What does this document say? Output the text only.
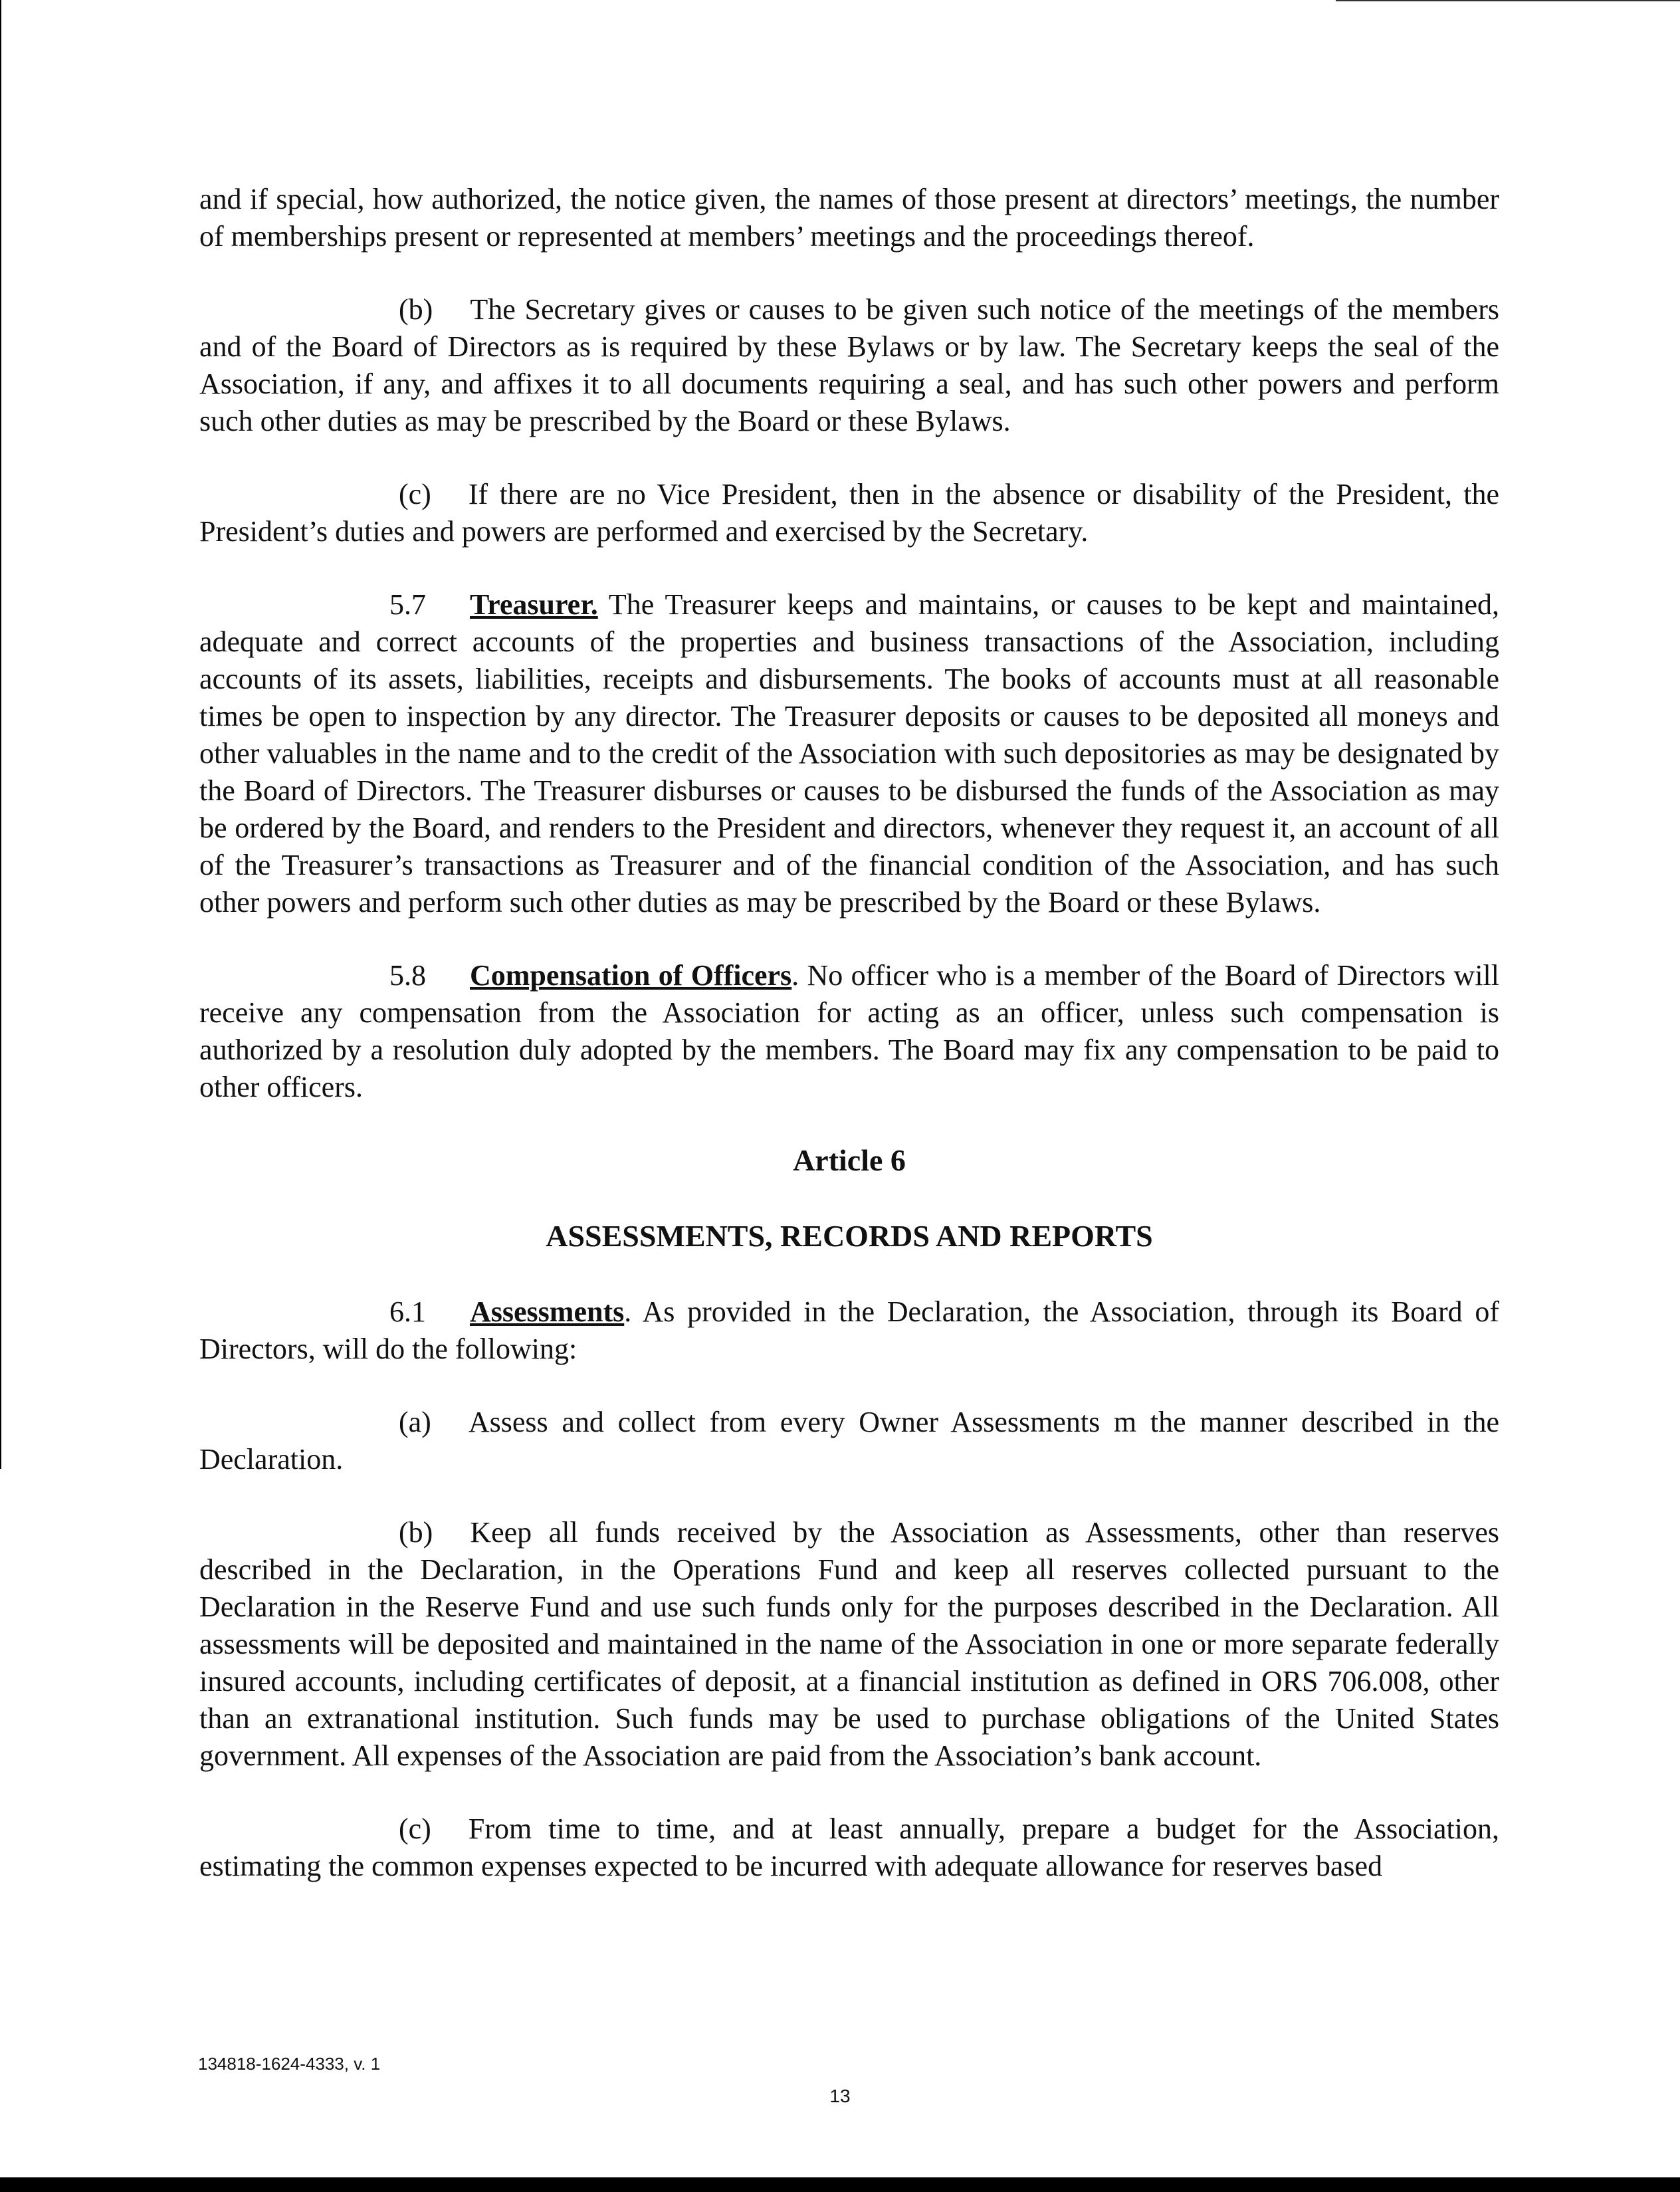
and if special, how authorized, the notice given, the names of those present at directors’ meetings, the number of memberships present or represented at members’ meetings and the proceedings thereof.

(b) The Secretary gives or causes to be given such notice of the meetings of the members and of the Board of Directors as is required by these Bylaws or by law. The Secretary keeps the seal of the Association, if any, and affixes it to all documents requiring a seal, and has such other powers and perform such other duties as may be prescribed by the Board or these Bylaws.

(c) If there are no Vice President, then in the absence or disability of the President, the President’s duties and powers are performed and exercised by the Secretary.

5.7 Treasurer. The Treasurer keeps and maintains, or causes to be kept and maintained, adequate and correct accounts of the properties and business transactions of the Association, including accounts of its assets, liabilities, receipts and disbursements. The books of accounts must at all reasonable times be open to inspection by any director. The Treasurer deposits or causes to be deposited all moneys and other valuables in the name and to the credit of the Association with such depositories as may be designated by the Board of Directors. The Treasurer disburses or causes to be disbursed the funds of the Association as may be ordered by the Board, and renders to the President and directors, whenever they request it, an account of all of the Treasurer’s transactions as Treasurer and of the financial condition of the Association, and has such other powers and perform such other duties as may be prescribed by the Board or these Bylaws.

5.8 Compensation of Officers. No officer who is a member of the Board of Directors will receive any compensation from the Association for acting as an officer, unless such compensation is authorized by a resolution duly adopted by the members. The Board may fix any compensation to be paid to other officers.

Article 6
ASSESSMENTS, RECORDS AND REPORTS

6.1 Assessments. As provided in the Declaration, the Association, through its Board of Directors, will do the following:

(a) Assess and collect from every Owner Assessments m the manner described in the Declaration.

(b) Keep all funds received by the Association as Assessments, other than reserves described in the Declaration, in the Operations Fund and keep all reserves collected pursuant to the Declaration in the Reserve Fund and use such funds only for the purposes described in the Declaration. All assessments will be deposited and maintained in the name of the Association in one or more separate federally insured accounts, including certificates of deposit, at a financial institution as defined in ORS 706.008, other than an extranational institution. Such funds may be used to purchase obligations of the United States government. All expenses of the Association are paid from the Association’s bank account.

(c) From time to time, and at least annually, prepare a budget for the Association, estimating the common expenses expected to be incurred with adequate allowance for reserves based

134818-1624-4333, v. 1
13
